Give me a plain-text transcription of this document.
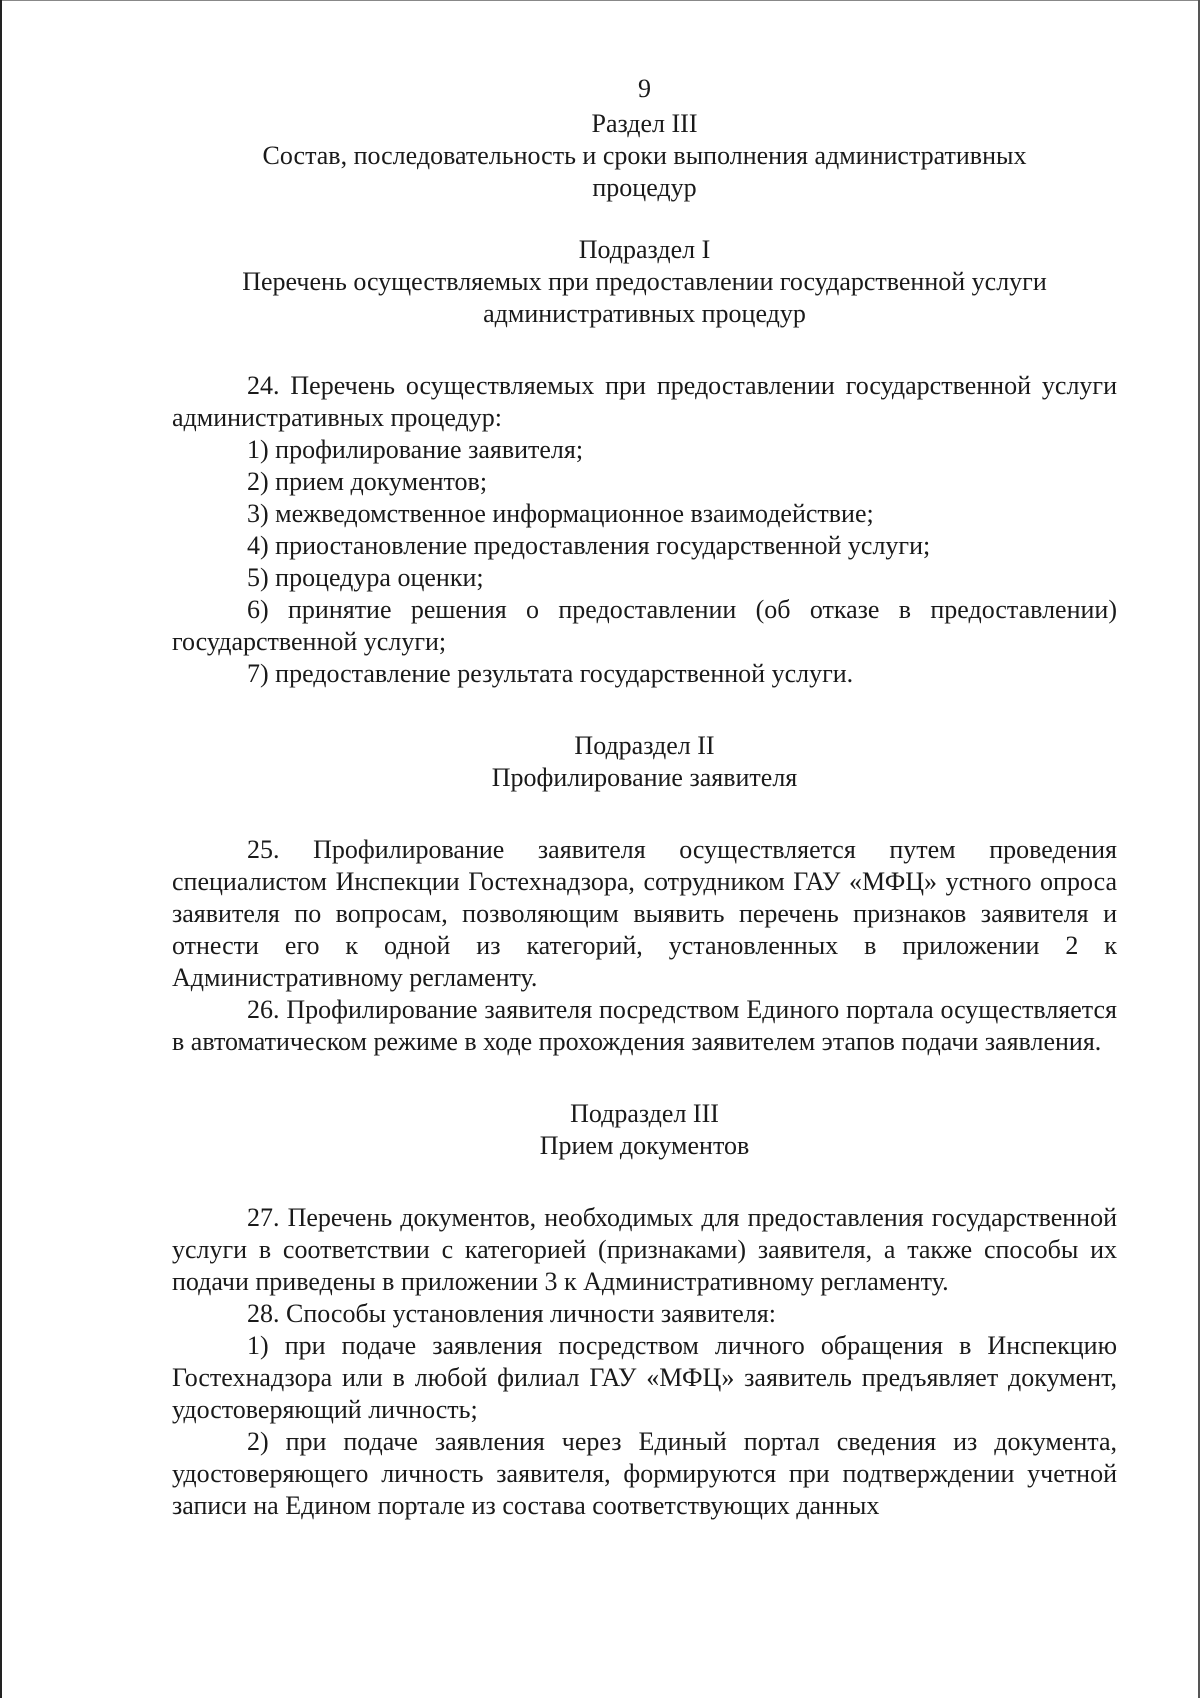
9

Раздел III

Состав, последовательность и сроки выполнения административных

процедур

Подраздел I

Перечень осуществляемых при предоставлении государственной услуги

административных процедур

24. Перечень осуществляемых при предоставлении государственной услуги административных процедур:

1) профилирование заявителя;

2) прием документов;

3) межведомственное информационное взаимодействие;

4) приостановление предоставления государственной услуги;

5) процедура оценки;

6) принятие решения о предоставлении (об отказе в предоставлении) государственной услуги;

7) предоставление результата государственной услуги.

Подраздел II

Профилирование заявителя

25. Профилирование заявителя осуществляется путем проведения специалистом Инспекции Гостехнадзора, сотрудником ГАУ «МФЦ» устного опроса заявителя по вопросам, позволяющим выявить перечень признаков заявителя и отнести его к одной из категорий, установленных в приложении 2 к Административному регламенту.

26. Профилирование заявителя посредством Единого портала осуществляется в автоматическом режиме в ходе прохождения заявителем этапов подачи заявления.

Подраздел III

Прием документов

27. Перечень документов, необходимых для предоставления государственной услуги в соответствии с категорией (признаками) заявителя, а также способы их подачи приведены в приложении 3 к Административному регламенту.

28. Способы установления личности заявителя:

1) при подаче заявления посредством личного обращения в Инспекцию Гостехнадзора или в любой филиал ГАУ «МФЦ» заявитель предъявляет документ, удостоверяющий личность;

2) при подаче заявления через Единый портал сведения из документа, удостоверяющего личность заявителя, формируются при подтверждении учетной записи на Едином портале из состава соответствующих данных
